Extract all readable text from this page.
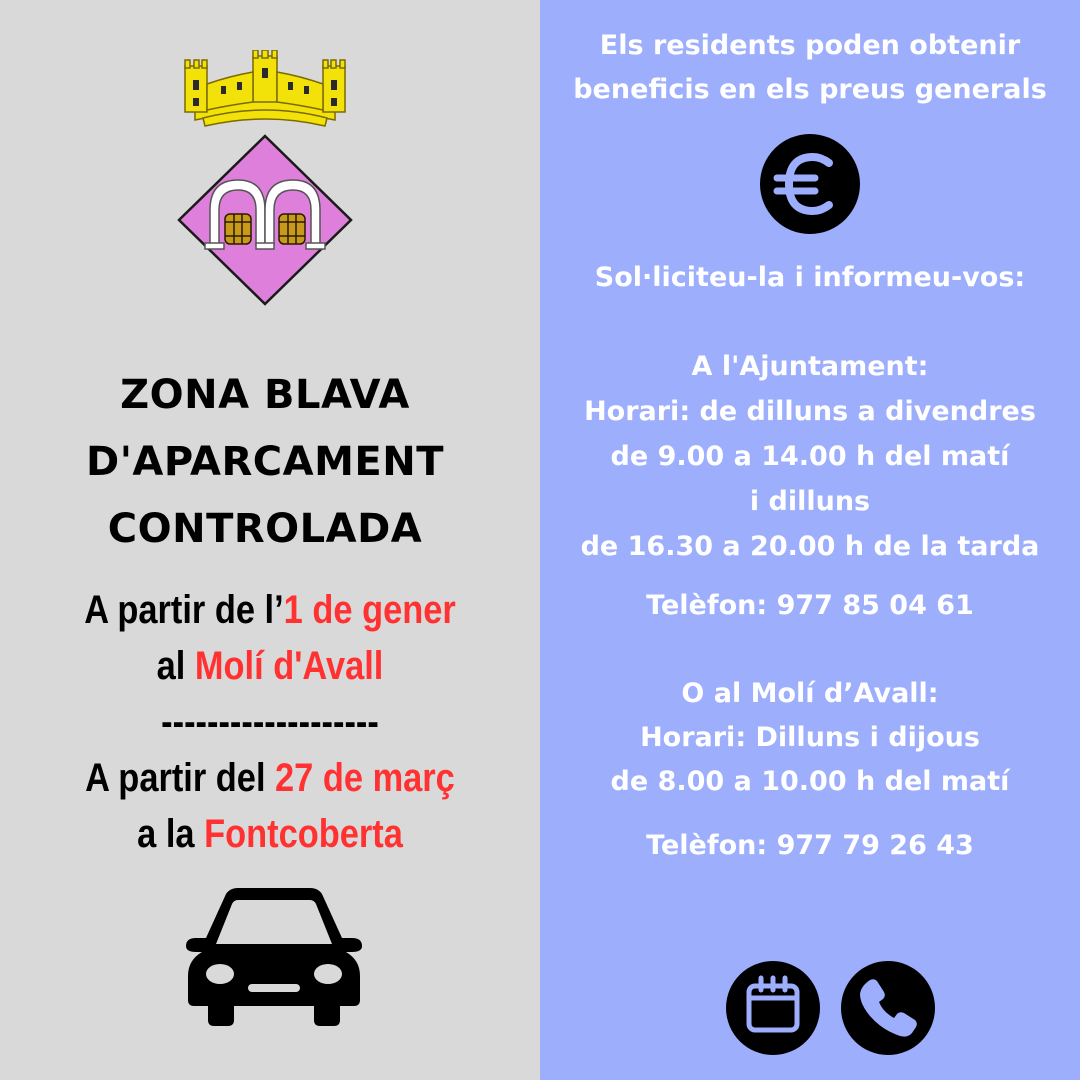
ZONA BLAVA
D'APARCAMENT
CONTROLADA
A partir de l’1 de gener
al Molí d'Avall
-------------------
A partir del 27 de març
a la Fontcoberta
Els residents poden obtenir
beneficis en els preus generals
Sol·liciteu-la i informeu-vos:
A l'Ajuntament:
Horari: de dilluns a divendres
de 9.00 a 14.00 h del matí
i dilluns
de 16.30 a 20.00 h de la tarda
Telèfon: 977 85 04 61
O al Molí d’Avall:
Horari: Dilluns i dijous
de 8.00 a 10.00 h del matí
Telèfon: 977 79 26 43
